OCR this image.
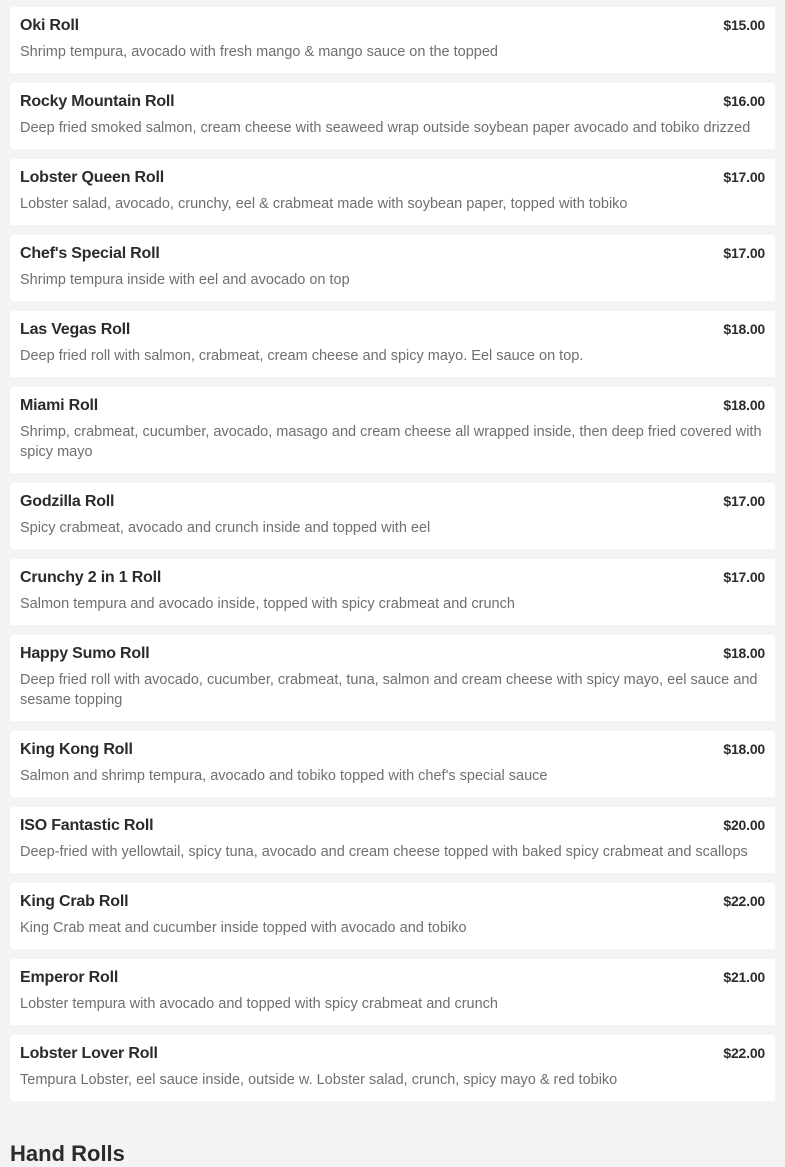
Oki Roll	$15.00
Shrimp tempura, avocado with fresh mango & mango sauce on the topped
Rocky Mountain Roll	$16.00
Deep fried smoked salmon, cream cheese with seaweed wrap outside soybean paper avocado and tobiko drizzed
Lobster Queen Roll	$17.00
Lobster salad, avocado, crunchy, eel & crabmeat made with soybean paper, topped with tobiko
Chef's Special Roll	$17.00
Shrimp tempura inside with eel and avocado on top
Las Vegas Roll	$18.00
Deep fried roll with salmon, crabmeat, cream cheese and spicy mayo. Eel sauce on top.
Miami Roll	$18.00
Shrimp, crabmeat, cucumber, avocado, masago and cream cheese all wrapped inside, then deep fried covered with spicy mayo
Godzilla Roll	$17.00
Spicy crabmeat, avocado and crunch inside and topped with eel
Crunchy 2 in 1 Roll	$17.00
Salmon tempura and avocado inside, topped with spicy crabmeat and crunch
Happy Sumo Roll	$18.00
Deep fried roll with avocado, cucumber, crabmeat, tuna, salmon and cream cheese with spicy mayo, eel sauce and sesame topping
King Kong Roll	$18.00
Salmon and shrimp tempura, avocado and tobiko topped with chef's special sauce
ISO Fantastic Roll	$20.00
Deep-fried with yellowtail, spicy tuna, avocado and cream cheese topped with baked spicy crabmeat and scallops
King Crab Roll	$22.00
King Crab meat and cucumber inside topped with avocado and tobiko
Emperor Roll	$21.00
Lobster tempura with avocado and topped with spicy crabmeat and crunch
Lobster Lover Roll	$22.00
Tempura Lobster, eel sauce inside, outside w. Lobster salad, crunch, spicy mayo & red tobiko
Hand Rolls
